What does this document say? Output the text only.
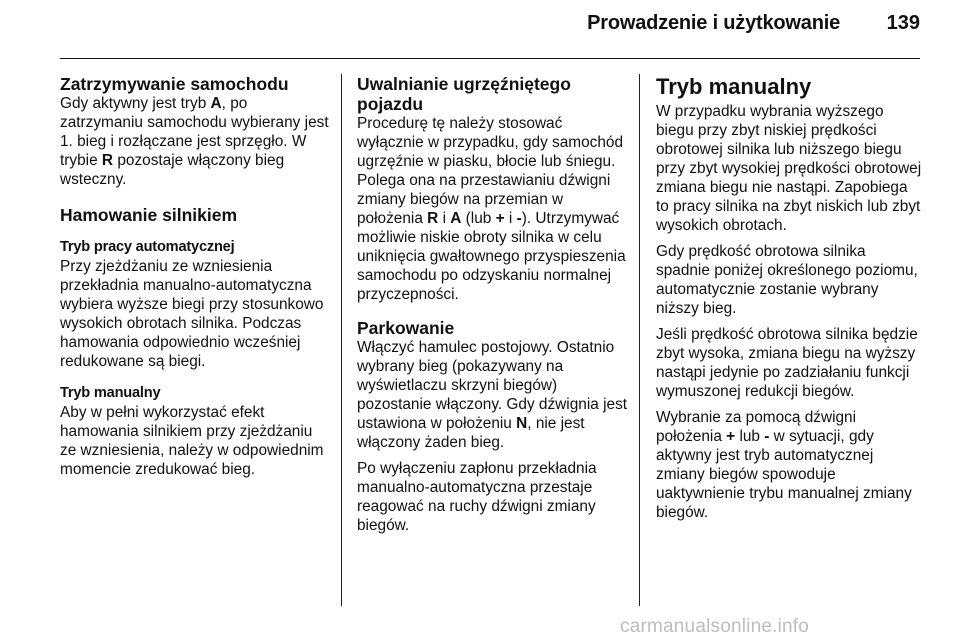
Prowadzenie i użytkowanie	139
Zatrzymywanie samochodu

Gdy aktywny jest tryb A, po zatrzymaniu samochodu wybierany jest 1. bieg i rozłączane jest sprzęgło. W trybie R pozostaje włączony bieg wsteczny.

Hamowanie silnikiem
Tryb pracy automatycznej

Przy zjeżdżaniu ze wzniesienia przekładnia manualno-automatyczna wybiera wyższe biegi przy stosunkowo wysokich obrotach silnika. Podczas hamowania odpowiednio wcześniej redukowane są biegi.

Tryb manualny

Aby w pełni wykorzystać efekt hamowania silnikiem przy zjeżdżaniu ze wzniesienia, należy w odpowiednim momencie zredukować bieg.

Uwalnianie ugrzęźniętego pojazdu

Procedurę tę należy stosować wyłącznie w przypadku, gdy samochód ugrzęźnie w piasku, błocie lub śniegu. Polega ona na przestawianiu dźwigni zmiany biegów na przemian w położenia R i A (lub + i -). Utrzymywać możliwie niskie obroty silnika w celu uniknięcia gwałtownego przyspieszenia samochodu po odzyskaniu normalnej przyczepności.

Parkowanie

Włączyć hamulec postojowy. Ostatnio wybrany bieg (pokazywany na wyświetlaczu skrzyni biegów) pozostanie włączony. Gdy dźwignia jest ustawiona w położeniu N, nie jest włączony żaden bieg.

Po wyłączeniu zapłonu przekładnia manualno-automatyczna przestaje reagować na ruchy dźwigni zmiany biegów.

Tryb manualny

W przypadku wybrania wyższego biegu przy zbyt niskiej prędkości obrotowej silnika lub niższego biegu przy zbyt wysokiej prędkości obrotowej zmiana biegu nie nastąpi. Zapobiega to pracy silnika na zbyt niskich lub zbyt wysokich obrotach.

Gdy prędkość obrotowa silnika spadnie poniżej określonego poziomu, automatycznie zostanie wybrany niższy bieg.

Jeśli prędkość obrotowa silnika będzie zbyt wysoka, zmiana biegu na wyższy nastąpi jedynie po zadziałaniu funkcji wymuszonej redukcji biegów.

Wybranie za pomocą dźwigni położenia + lub - w sytuacji, gdy aktywny jest tryb automatycznej zmiany biegów spowoduje uaktywnienie trybu manualnej zmiany biegów.

carmanualsonline.info
